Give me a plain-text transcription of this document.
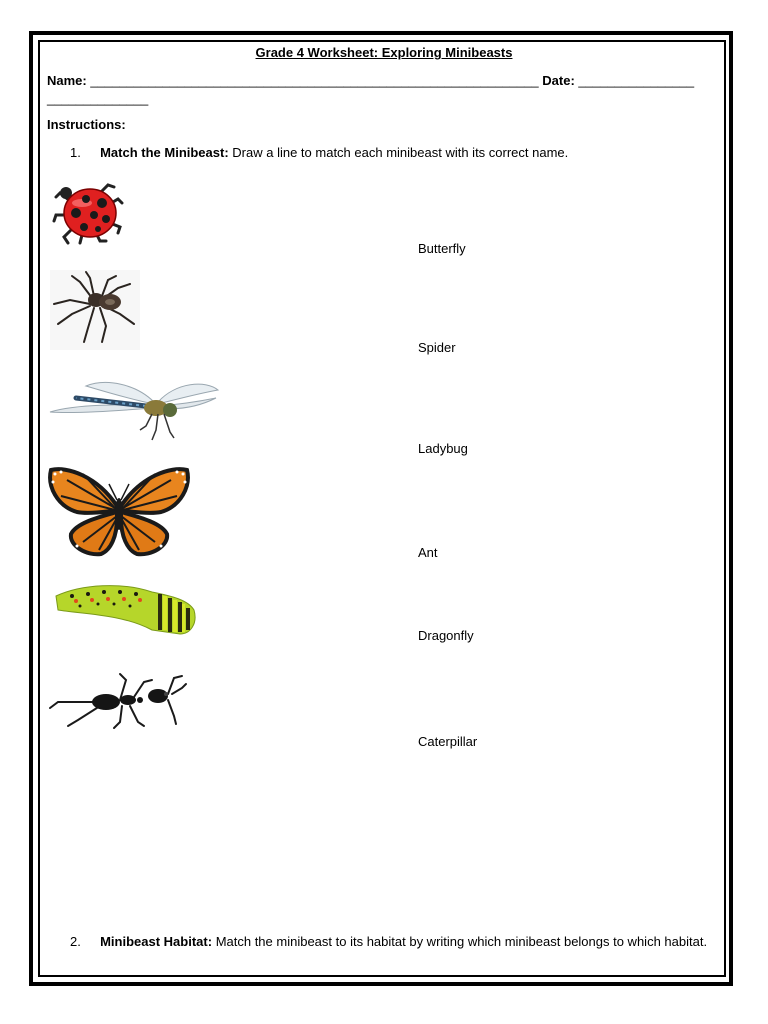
Grade 4 Worksheet: Exploring Minibeasts
Name: ______________________________________________________________ Date: ________________
______________
Instructions:
1. Match the Minibeast: Draw a line to match each minibeast with its correct name.
Butterfly
Spider
Ladybug
Ant
Dragonfly
Caterpillar
2. Minibeast Habitat: Match the minibeast to its habitat by writing which minibeast belongs to which habitat.
